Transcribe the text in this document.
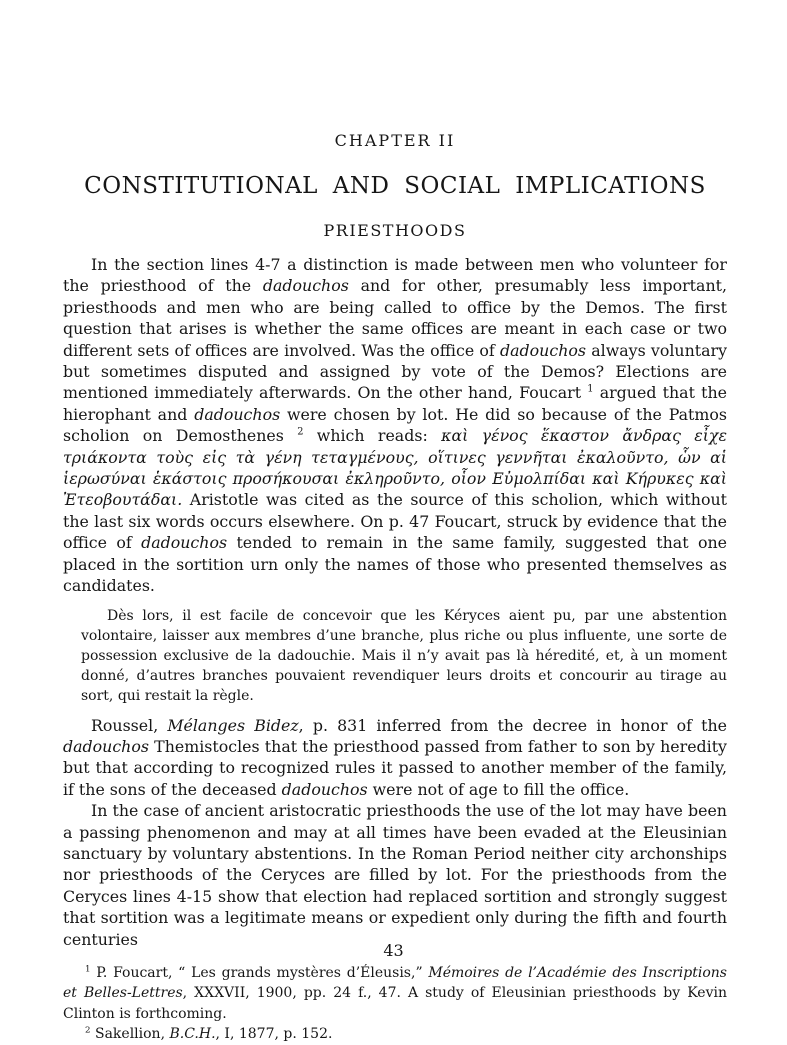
CHAPTER II
CONSTITUTIONAL AND SOCIAL IMPLICATIONS
PRIESTHOODS

In the section lines 4-7 a distinction is made between men who volunteer for the priesthood of the dadouchos and for other, presumably less important, priesthoods and men who are being called to office by the Demos. The first question that arises is whether the same offices are meant in each case or two different sets of offices are involved. Was the office of dadouchos always voluntary but sometimes disputed and assigned by vote of the Demos? Elections are mentioned immediately afterwards. On the other hand, Foucart $^1$ argued that the hierophant and dadouchos were chosen by lot. He did so because of the Patmos scholion on Demosthenes $^2$ which reads: καὶ γένος ἕκαστον ἄνδρας εἶχε τριάκοντα τοὺς εἰς τὰ γένη τεταγμένους, οἵτινες γεννῆται ἐκαλοῦντο, ὧν αἱ ἱερωσύναι ἑκάστοις προσήκουσαι ἐκληροῦντο, οἷον Εὐμολπίδαι καὶ Κήρυκες καὶ Ἐτεοβουτάδαι. Aristotle was cited as the source of this scholion, which without the last six words occurs elsewhere. On p. 47 Foucart, struck by evidence that the office of dadouchos tended to remain in the same family, suggested that one placed in the sortition urn only the names of those who presented themselves as candidates.

Dès lors, il est facile de concevoir que les Kéryces aient pu, par une abstention volontaire, laisser aux membres d’une branche, plus riche ou plus influente, une sorte de possession exclusive de la dadouchie. Mais il n’y avait pas là héredité, et, à un moment donné, d’autres branches pouvaient revendiquer leurs droits et concourir au tirage au sort, qui restait la règle.

Roussel, Mélanges Bidez, p. 831 inferred from the decree in honor of the dadouchos Themistocles that the priesthood passed from father to son by heredity but that according to recognized rules it passed to another member of the family, if the sons of the deceased dadouchos were not of age to fill the office.

In the case of ancient aristocratic priesthoods the use of the lot may have been a passing phenomenon and may at all times have been evaded at the Eleusinian sanctuary by voluntary abstentions. In the Roman Period neither city archonships nor priesthoods of the Ceryces are filled by lot. For the priesthoods from the Ceryces lines 4-15 show that election had replaced sortition and strongly suggest that sortition was a legitimate means or expedient only during the fifth and fourth centuries

$^1$ P. Foucart, “ Les grands mystères d’Éleusis,” Mémoires de l’Académie des Inscriptions et Belles-Lettres, XXXVII, 1900, pp. 24 f., 47. A study of Eleusinian priesthoods by Kevin Clinton is forthcoming.

$^2$ Sakellion, B.C.H., I, 1877, p. 152.

43
